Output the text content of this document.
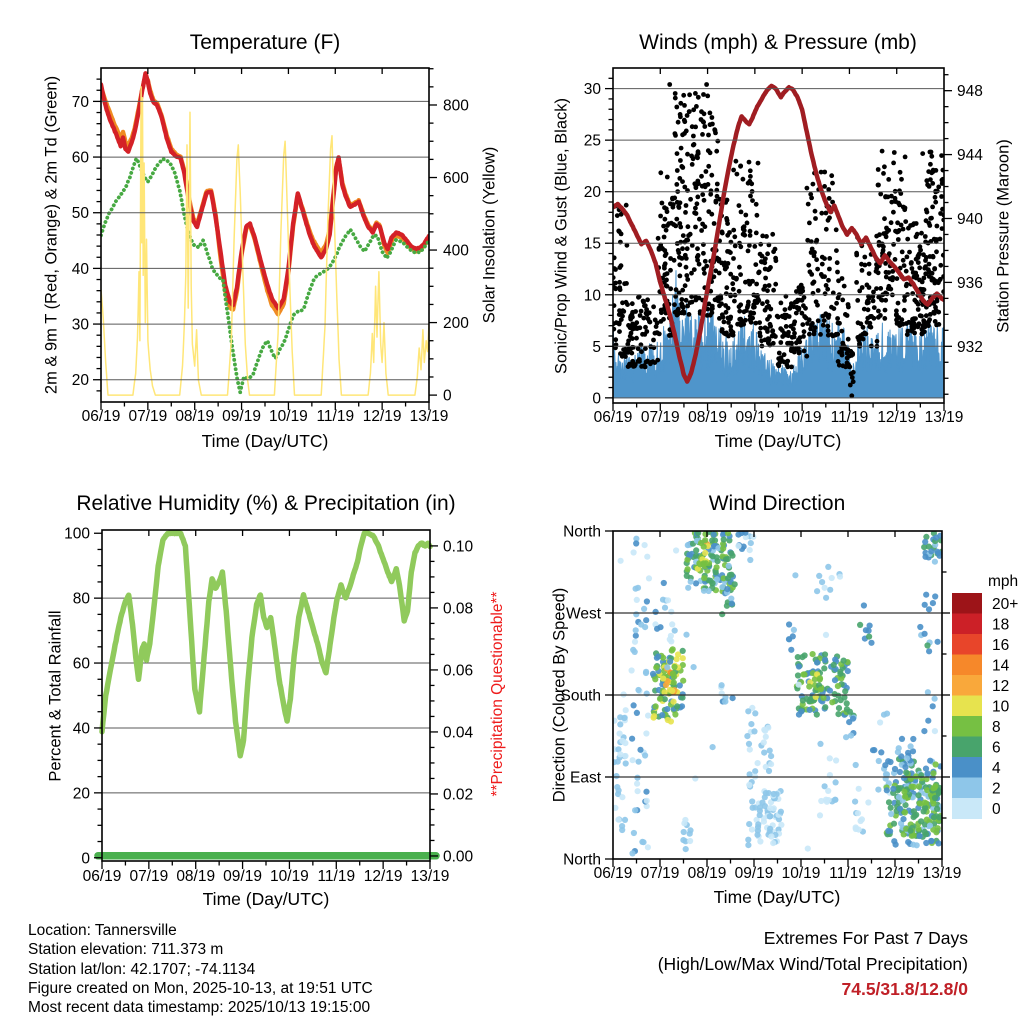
06/19 07/19 08/19 09/19 10/19 11/19 12/19 13/19
20
30
40
50
60
70
0
200
400
600
800
06/19 07/19 08/19 09/19 10/19 11/19 12/19 13/19
0
5
10
15
20
25
30
932
936
940
944
948
06/19 07/19 08/19 09/19 10/19 11/19 12/19 13/19
0
20
40
60
80
100
0.00
0.02
0.04
0.06
0.08
0.10
20+
18
16
14
12
10
8
6
4
2
0
06/19 07/19 08/19 09/19 10/19 11/19 12/19 13/19
North
East
South
West
North
Temperature (F)	Winds (mph) & Pressure (mb)
Relative Humidity (%) & Precipitation (in)	Wind Direction
Time (Day/UTC)	Time (Day/UTC)
Time (Day/UTC)	Time (Day/UTC)
2m & 9m T (Red, Orange) & 2m Td (Green)	Solar Insolation (Yellow)	Sonic/Prop Wind & Gust (Blue, Black)	Station Pressure (Maroon)
Percent & Total Rainfall	**Precipitation Questionable**	Direction (Colored By Speed)
mph
Location: Tannersville
Station elevation: 711.373 m
Station lat/lon: 42.1707; -74.1134
Figure created on Mon, 2025-10-13, at 19:51 UTC
Most recent data timestamp: 2025/10/13 19:15:00
Extremes For Past 7 Days
(High/Low/Max Wind/Total Precipitation)
74.5/31.8/12.8/0
